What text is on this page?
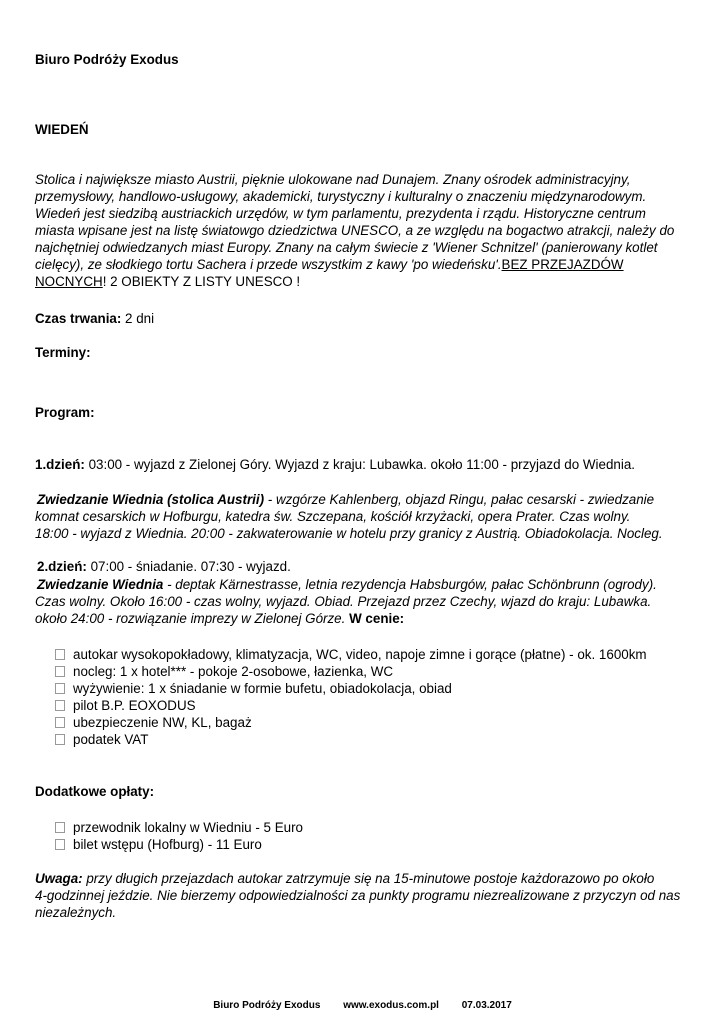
Biuro Podróży Exodus
WIEDEŃ
Stolica i największe miasto Austrii, pięknie ulokowane nad Dunajem. Znany ośrodek administracyjny,
przemysłowy, handlowo-usługowy, akademicki, turystyczny i kulturalny o znaczeniu międzynarodowym.
Wiedeń jest siedzibą austriackich urzędów, w tym parlamentu, prezydenta i rządu. Historyczne centrum
miasta wpisane jest na listę światowgo dziedzictwa UNESCO, a ze względu na bogactwo atrakcji, należy do
najchętniej odwiedzanych miast Europy. Znany na całym świecie z 'Wiener Schnitzel' (panierowany kotlet
cielęcy), ze słodkiego tortu Sachera i przede wszystkim z kawy 'po wiedeńsku'.BEZ PRZEJAZDÓW
NOCNYCH! 2 OBIEKTY Z LISTY UNESCO !
Czas trwania: 2 dni
Terminy:
Program:
1.dzień: 03:00 - wyjazd z Zielonej Góry. Wyjazd z kraju: Lubawka. około 11:00 - przyjazd do Wiednia.
Zwiedzanie Wiednia (stolica Austrii) - wzgórze Kahlenberg, objazd Ringu, pałac cesarski - zwiedzanie
komnat cesarskich w Hofburgu, katedra św. Szczepana, kościół krzyżacki, opera Prater. Czas wolny.
18:00 - wyjazd z Wiednia. 20:00 - zakwaterowanie w hotelu przy granicy z Austrią. Obiadokolacja. Nocleg.
2.dzień: 07:00 - śniadanie. 07:30 - wyjazd.
Zwiedzanie Wiednia - deptak Kärnestrasse, letnia rezydencja Habsburgów, pałac Schönbrunn (ogrody).
Czas wolny. Około 16:00 - czas wolny, wyjazd. Obiad. Przejazd przez Czechy, wjazd do kraju: Lubawka.
około 24:00 - rozwiązanie imprezy w Zielonej Górze. W cenie:
autokar wysokopokładowy, klimatyzacja, WC, video, napoje zimne i gorące (płatne) - ok. 1600km
nocleg: 1 x hotel*** - pokoje 2-osobowe, łazienka, WC
wyżywienie: 1 x śniadanie w formie bufetu, obiadokolacja, obiad
pilot B.P. EOXODUS
ubezpieczenie NW, KL, bagaż
podatek VAT
Dodatkowe opłaty:
przewodnik lokalny w Wiedniu - 5 Euro
bilet wstępu (Hofburg) - 11 Euro
Uwaga: przy długich przejazdach autokar zatrzymuje się na 15-minutowe postoje każdorazowo po około
4-godzinnej jeździe. Nie bierzemy odpowiedzialności za punkty programu niezrealizowane z przyczyn od nas
niezależnych.
Biuro Podróży Exodus www.exodus.com.pl 07.03.2017
